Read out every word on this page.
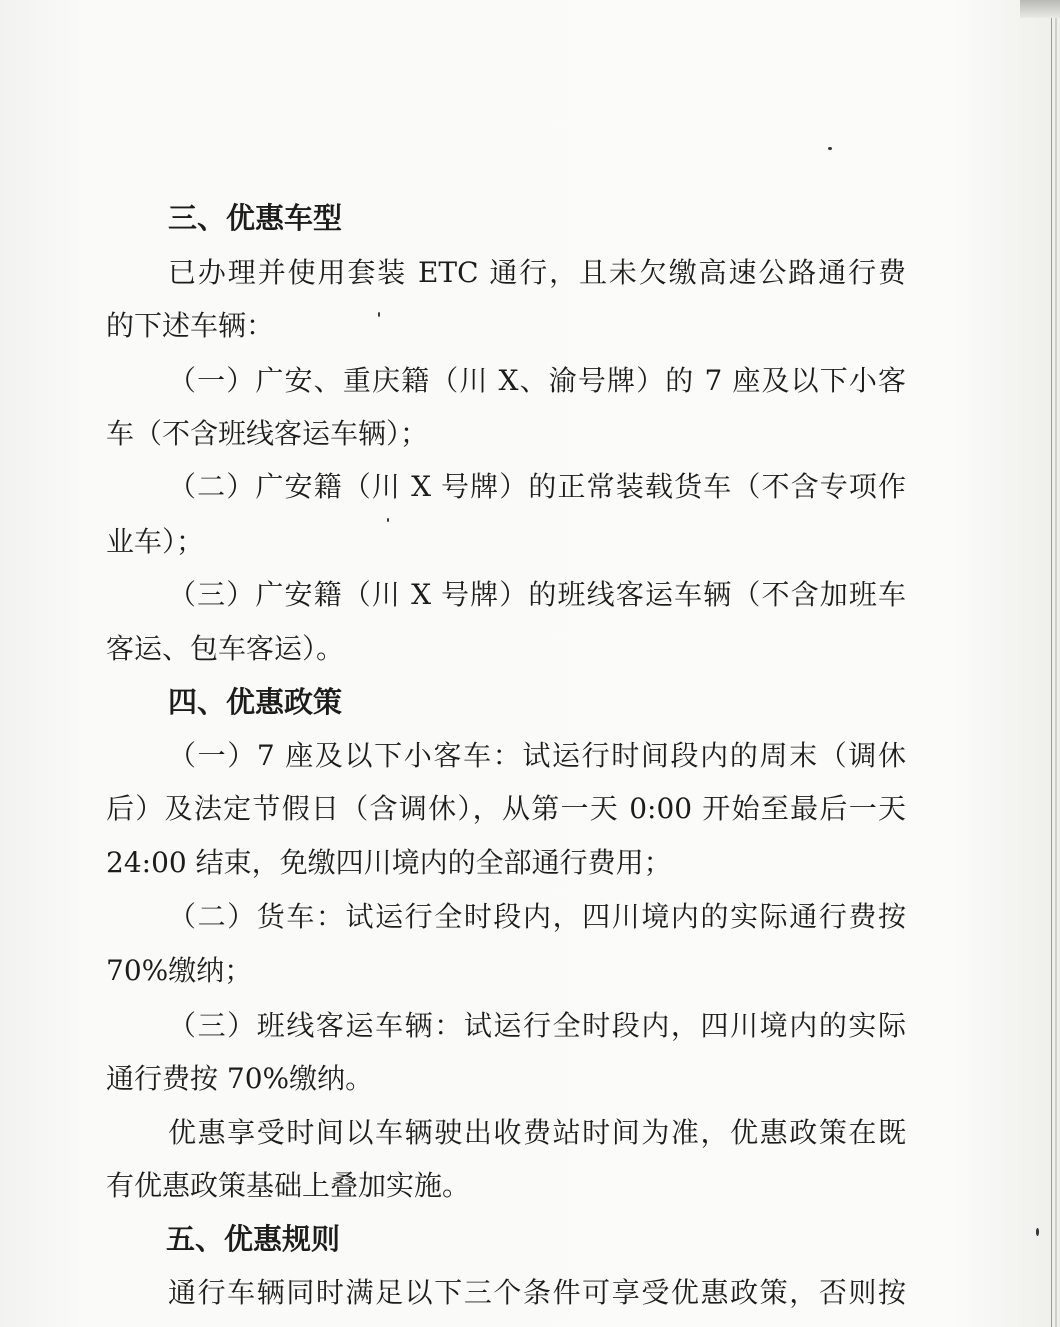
三、优惠车型
已办理并使用套装 ETC 通行，且未欠缴高速公路通行费
的下述车辆：
（一）广安、重庆籍（川 X、渝号牌）的 7 座及以下小客
车（不含班线客运车辆）；
（二）广安籍（川 X 号牌）的正常装载货车（不含专项作
业车）；
（三）广安籍（川 X 号牌）的班线客运车辆（不含加班车
客运、包车客运）。
四、优惠政策
（一）7 座及以下小客车：试运行时间段内的周末（调休
后）及法定节假日（含调休），从第一天 0:00 开始至最后一天
24:00 结束，免缴四川境内的全部通行费用；
（二）货车：试运行全时段内，四川境内的实际通行费按
70%缴纳；
（三）班线客运车辆：试运行全时段内，四川境内的实际
通行费按 70%缴纳。
优惠享受时间以车辆驶出收费站时间为准，优惠政策在既
有优惠政策基础上叠加实施。
五、优惠规则
通行车辆同时满足以下三个条件可享受优惠政策，否则按
